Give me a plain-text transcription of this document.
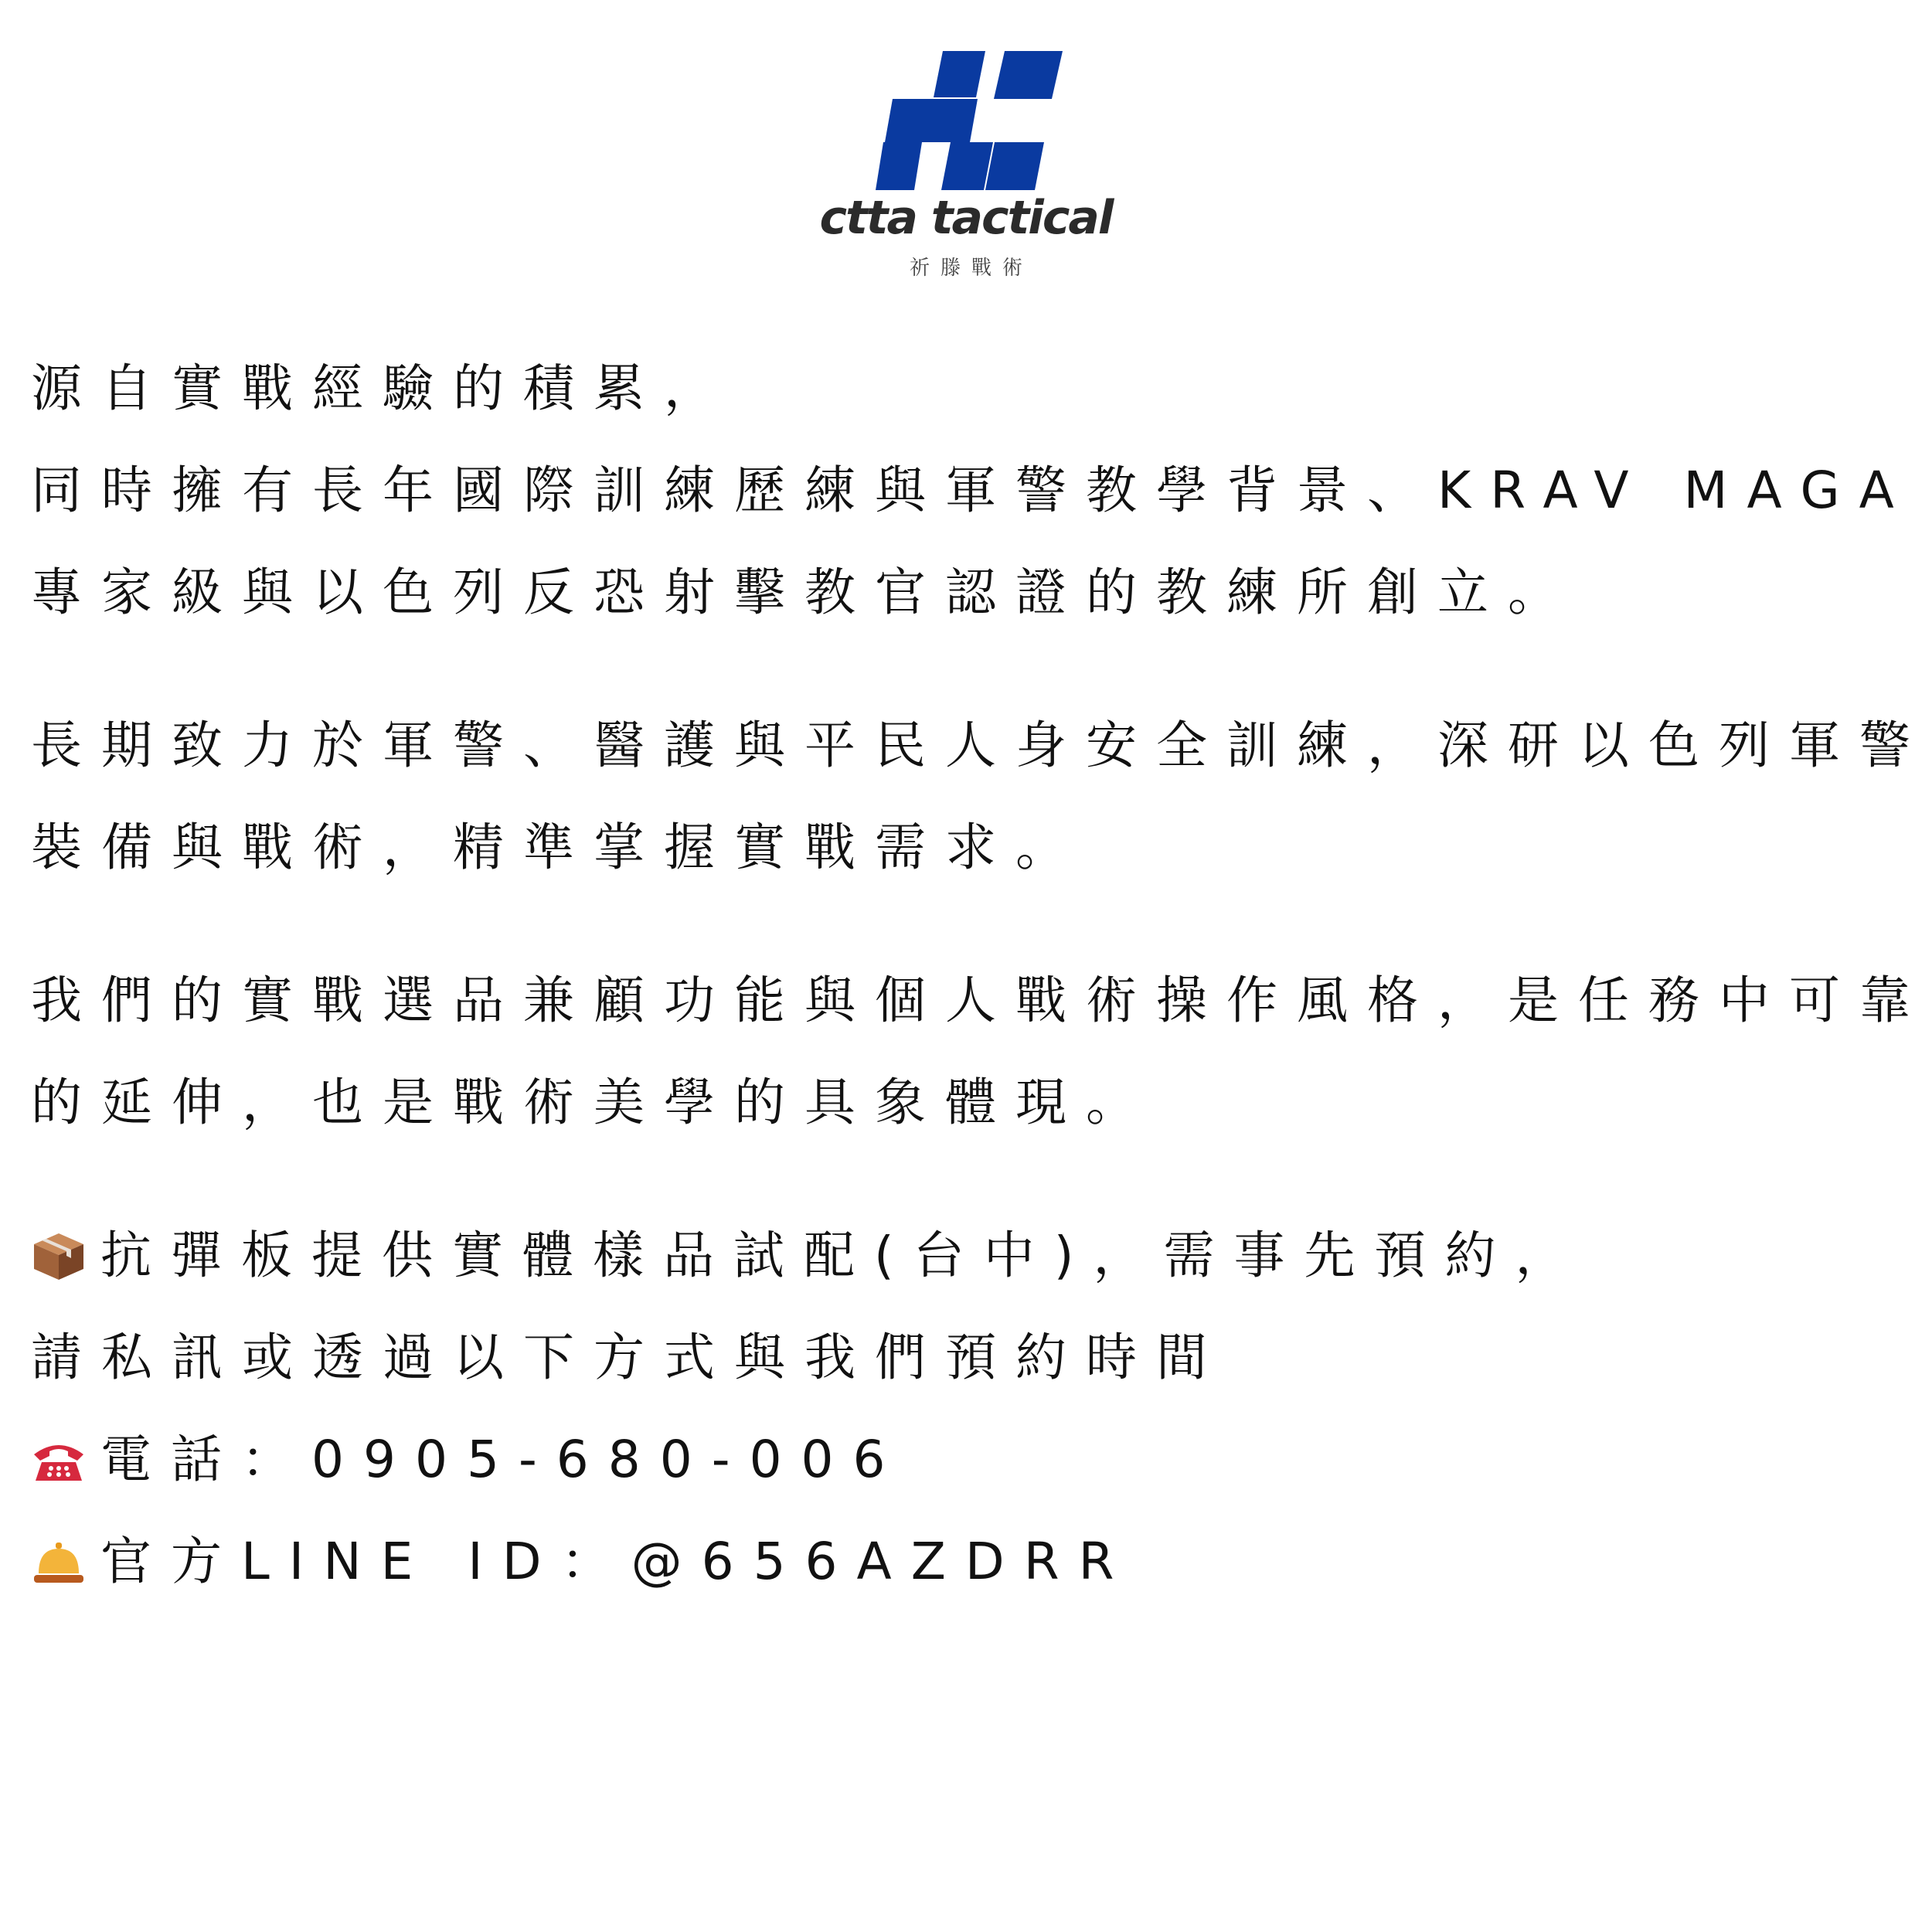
ctta tactical
祈滕戰術
源自實戰經驗的積累，
同時擁有長年國際訓練歷練與軍警教學背景、KRAV MAGA
專家級與以色列反恐射擊教官認證的教練所創立。
長期致力於軍警、醫護與平民人身安全訓練，深研以色列軍警
裝備與戰術，精準掌握實戰需求。
我們的實戰選品兼顧功能與個人戰術操作風格，是任務中可靠
的延伸，也是戰術美學的具象體現。
抗彈板提供實體樣品試配(台中)，需事先預約，
請私訊或透過以下方式與我們預約時間
電話：0905-680-006
官方LINE ID：@656AZDRR
